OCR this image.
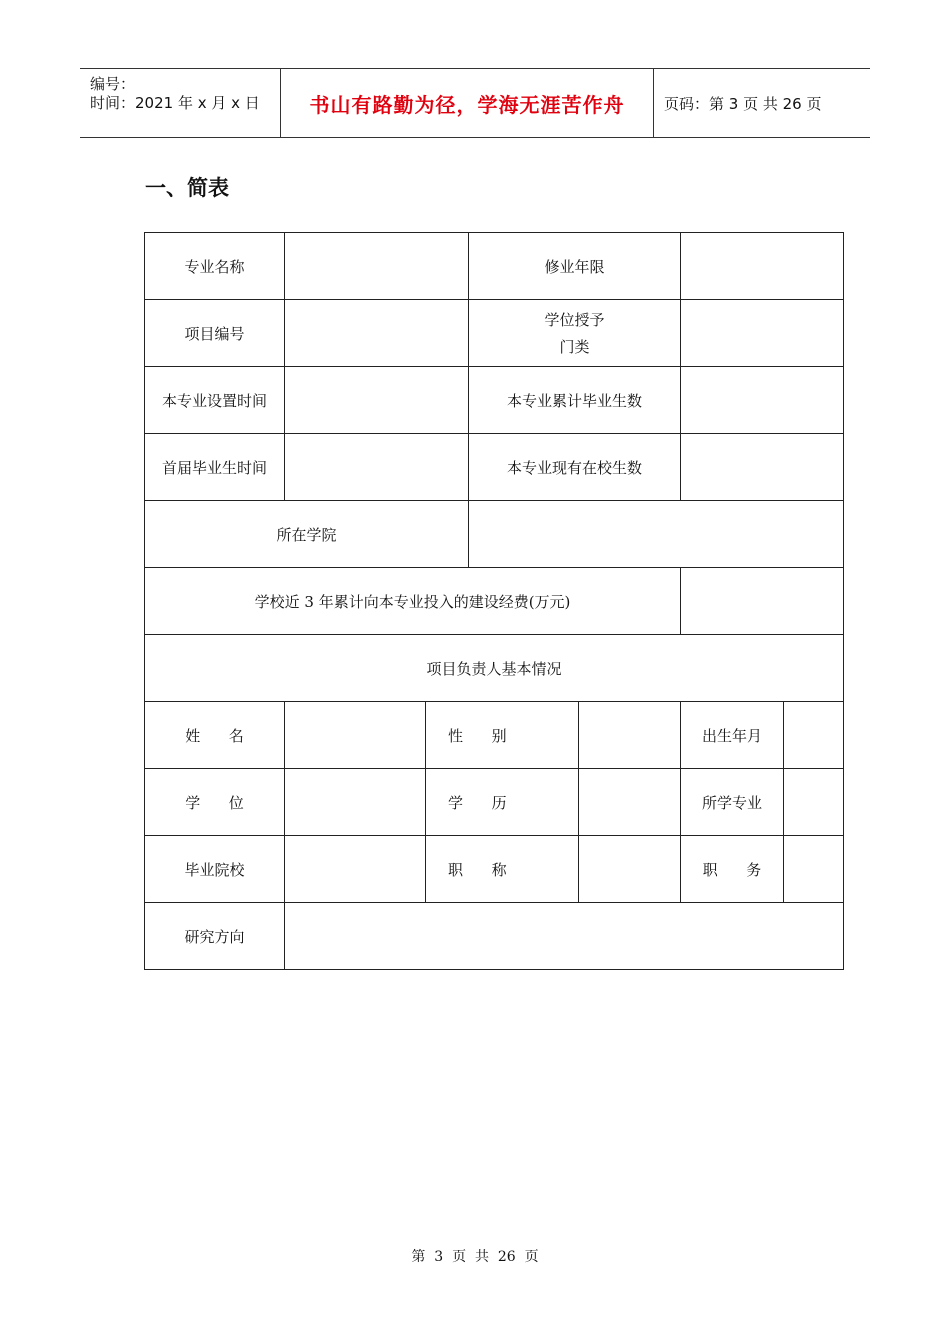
编号：
时间：2021 年 x 月 x 日 书山有路勤为径，学海无涯苦作舟	页码：第 3 页 共 26 页
一、简表
专业名称			修业年限			
项目编号			学位授予
门类			

本专业设置时间			本专业累计毕业生数			
首届毕业生时间			本专业现有在校生数			
所在学院						
学校近 3 年累计向本专业投入的建设经费(万元)						
项目负责人基本情况						
姓      名		性      别			出生年月	
学      位		学      历			所学专业	
毕业院校		职      称			职      务	
研究方向						
第  3  页  共  26  页
